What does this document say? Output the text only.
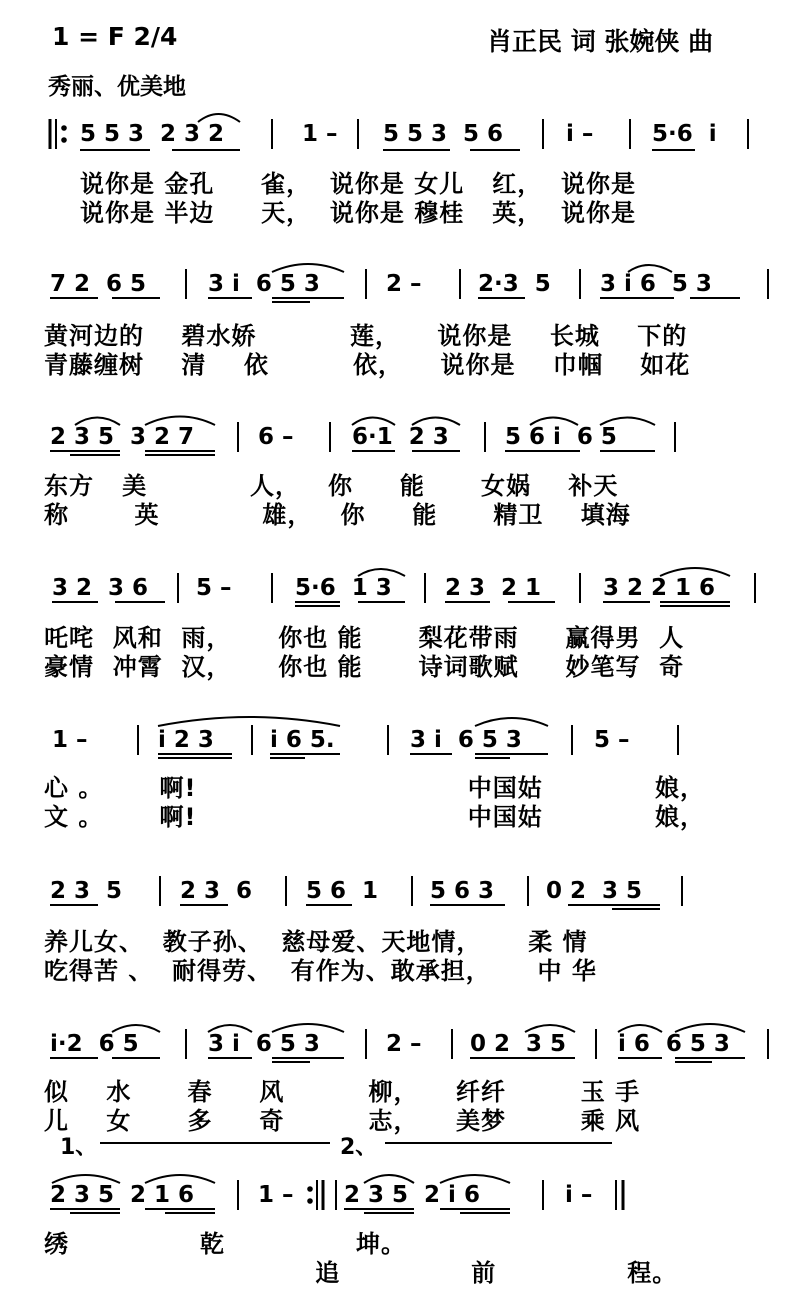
1 = F 2/4	肖正民 词 张婉侠 曲
秀丽、优美地
5 5 3  2 3 2	1 – 5 5 3  5 6	i –	5·6  i
说你是 金孔     雀，  说你是 女儿   红，  说你是
说你是 半边     天，  说你是 穆桂   英，  说你是
7 2  6 5	3 i  6 5 3	2 – 2·3  5 3 i 6  5 3
黄河边的    碧水娇          莲，    说你是    长城    下的
青藤缠树    清    依         依，    说你是    巾帼    如花
2 3 5  3 2 7	6 –	6·1  2 3 5 6 i  6 5
东方   美           人，   你     能      女娲    补天
称       英           雄，   你     能      精卫    填海
3 2  3 6 5 –	5·6  1 3 2 3  2 1	3 2 2 1 6
吒咤  风和  雨，     你也 能      梨花带雨     赢得男  人
豪情  冲霄  汉，     你也 能      诗词歌赋     妙笔写  奇
1 –	i 2 3 i 6 5.	3 i  6 5 3	5 –
心 。      啊!                             中国姑            娘，
文 。      啊!                             中国姑            娘，
2 3  5	2 3  6 5 6  1 5 6 3 0 2  3 5
养儿女、  教子孙、  慈母爱、天地情，     柔 情
吃得苦 、  耐得劳、  有作为、敢承担，     中 华
i·2  6 5	3 i  6 5 3	2 – 0 2  3 5 i 6  6 5 3
似    水      春     风         柳，    纤纤        玉 手
儿    女      多     奇         志，    美梦        乘 风
1、	2、
2 3 5  2 1 6	1 – 2 3 5  2 i 6	i –
绣              乾              坤。
追              前              程。
